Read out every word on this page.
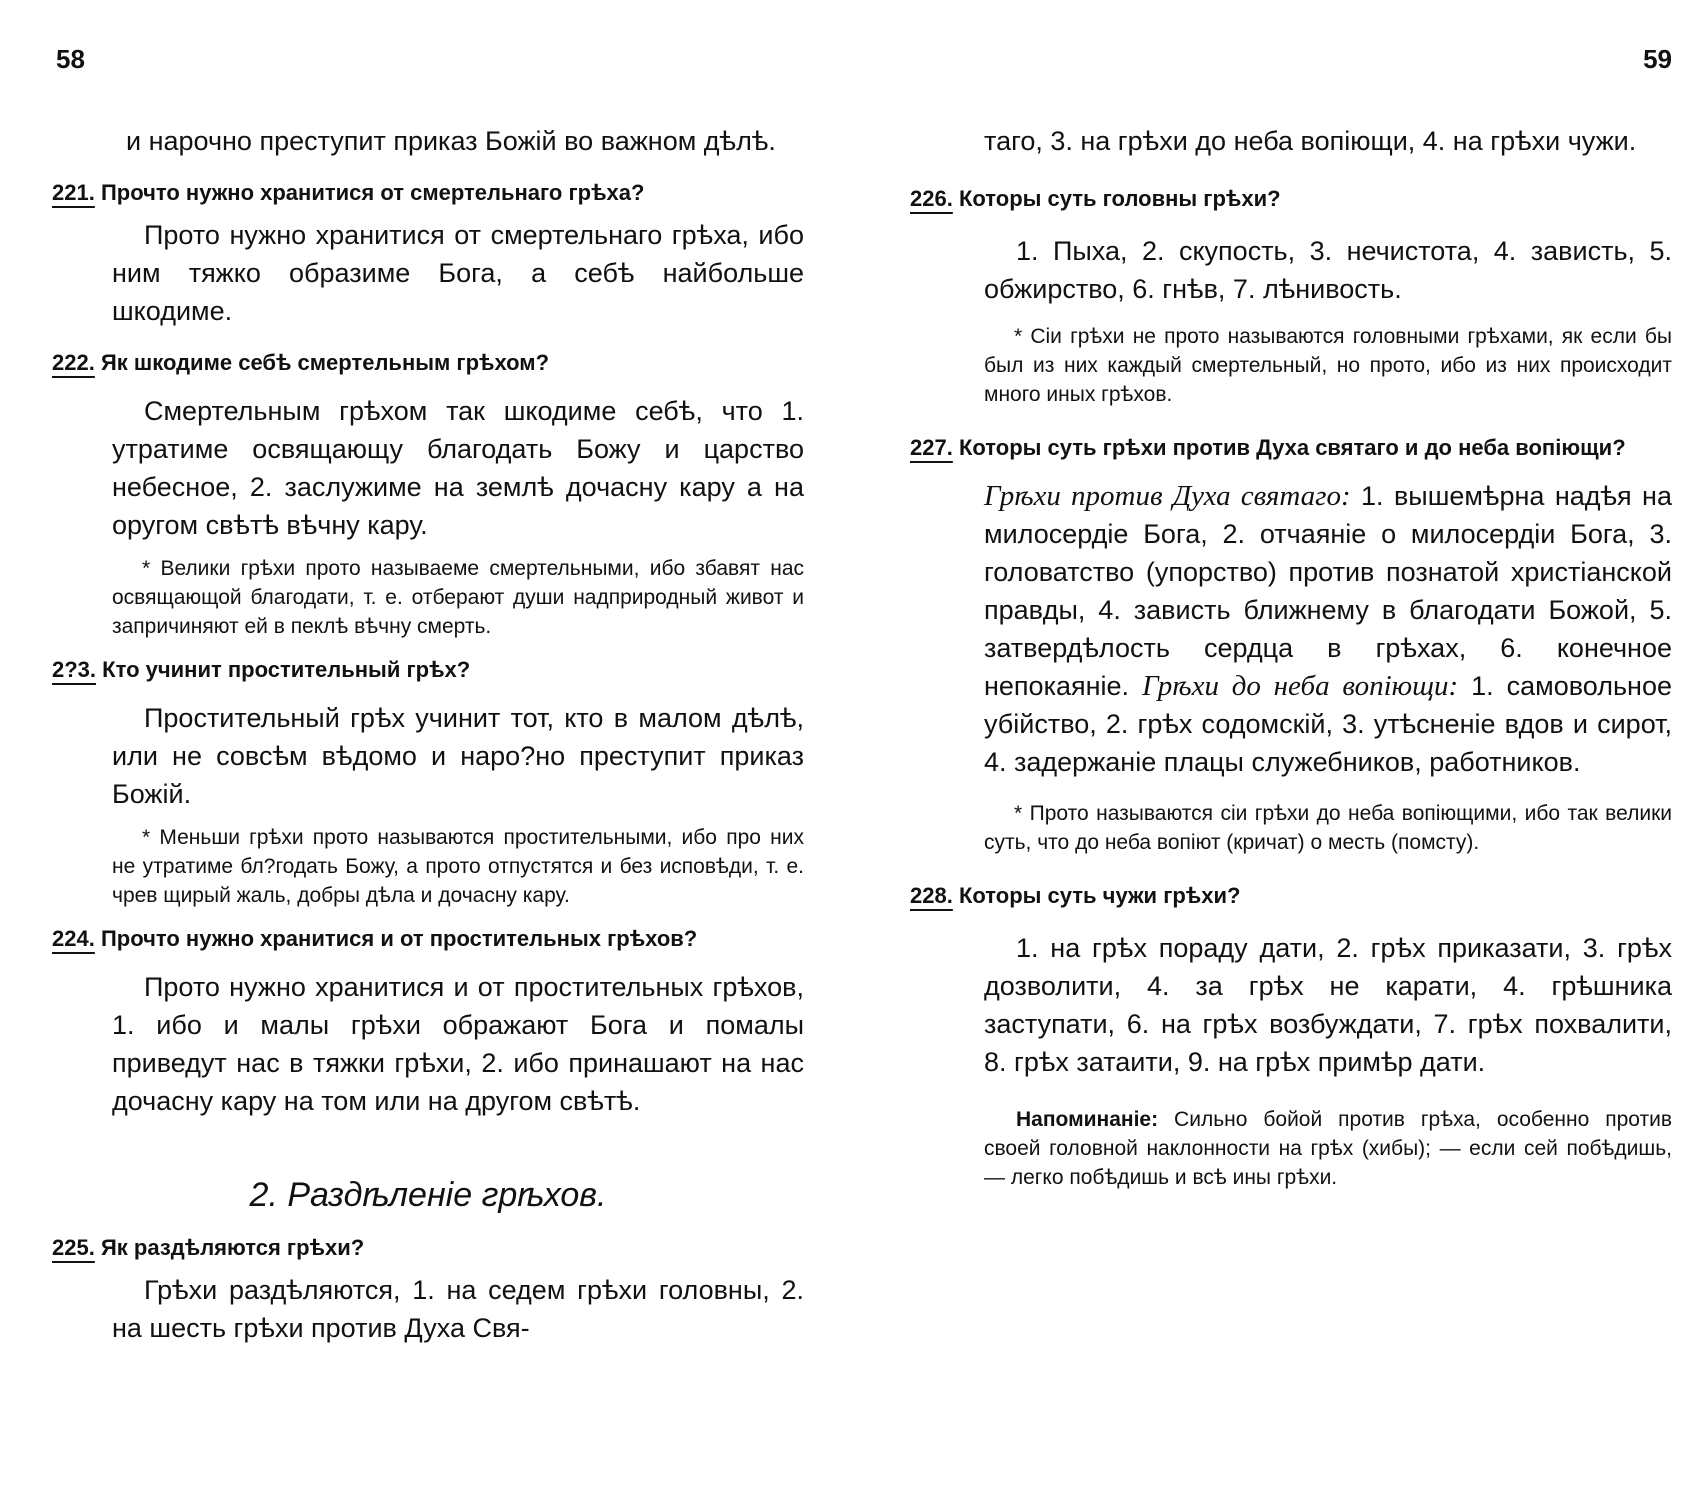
58	59

и нарочно преступит приказ Божій во важном дѣлѣ.

221. Прочто нужно хранитися от смертельнаго грѣха?

Прото нужно хранитися от смертельнаго грѣха, ибо ним тяжко образиме Бога, а себѣ найбольше шкодиме.

222. Як шкодиме себѣ смертельным грѣхом?

Смертельным грѣхом так шкодиме себѣ, что 1. утратиме освящающу благодать Божу и царство небесное, 2. заслужиме на землѣ дочасну кару а на оругом свѣтѣ вѣчну кару.

* Велики грѣхи прото называеме смертельными, ибо збавят нас освящающой благодати, т. е. отберают души надприродный живот и запричиняют ей в пеклѣ вѣчну смерть.

2?3. Кто учинит простительный грѣх?

Простительный грѣх учинит тот, кто в малом дѣлѣ, или не совсѣм вѣдомо и наро?но преступит приказ Божій.

* Меньши грѣхи прото называются простительными, ибо про них не утратиме бл?годать Божу, а прото отпустятся и без исповѣди, т. е. чрев щирый жаль, добры дѣла и дочасну кару.

224. Прочто нужно хранитися и от простительных грѣхов?

Прото нужно хранитися и от простительных грѣхов, 1. ибо и малы грѣхи ображают Бога и помалы приведут нас в тяжки грѣхи, 2. ибо принашают на нас дочасну кару на том или на другом свѣтѣ.

2. Раздѣленіе грѣхов.

225. Як раздѣляются грѣхи?

Грѣхи раздѣляются, 1. на седем грѣхи головны, 2. на шесть грѣхи против Духа Свя-

таго, 3. на грѣхи до неба вопіющи, 4. на грѣхи чужи.

226. Которы суть головны грѣхи?

1. Пыха, 2. скупость, 3. нечистота, 4. зависть, 5. обжирство, 6. гнѣв, 7. лѣнивость.

* Сіи грѣхи не прото называются головными грѣхами, як если бы был из них каждый смертельный, но прото, ибо из них происходит много иных грѣхов.

227. Которы суть грѣхи против Духа святаго и до неба вопіющи?

Грѣхи против Духа святаго: 1. вышемѣрна надѣя на милосердіе Бога, 2. отчаяніе о милосердіи Бога, 3. головатство (упорство) против познатой христіанской правды, 4. зависть ближнему в благодати Божой, 5. затвердѣлость сердца в грѣхах, 6. конечное непокаяніе. Грѣхи до неба вопіющи: 1. самовольное убійство, 2. грѣх содомскій, 3. утѣсненіе вдов и сирот, 4. задержаніе плацы служебников, работников.

* Прото называются сіи грѣхи до неба вопіющими, ибо так велики суть, что до неба вопіют (кричат) о месть (помсту).

228. Которы суть чужи грѣхи?

1. на грѣх пораду дати, 2. грѣх приказати, 3. грѣх дозволити, 4. за грѣх не карати, 4. грѣшника заступати, 6. на грѣх возбуждати, 7. грѣх похвалити, 8. грѣх затаити, 9. на грѣх примѣр дати.

Напоминаніе: Сильно бойой против грѣха, особенно против своей головной наклонности на грѣх (хибы); — если сей побѣдишь, — легко побѣдишь и всѣ ины грѣхи.
